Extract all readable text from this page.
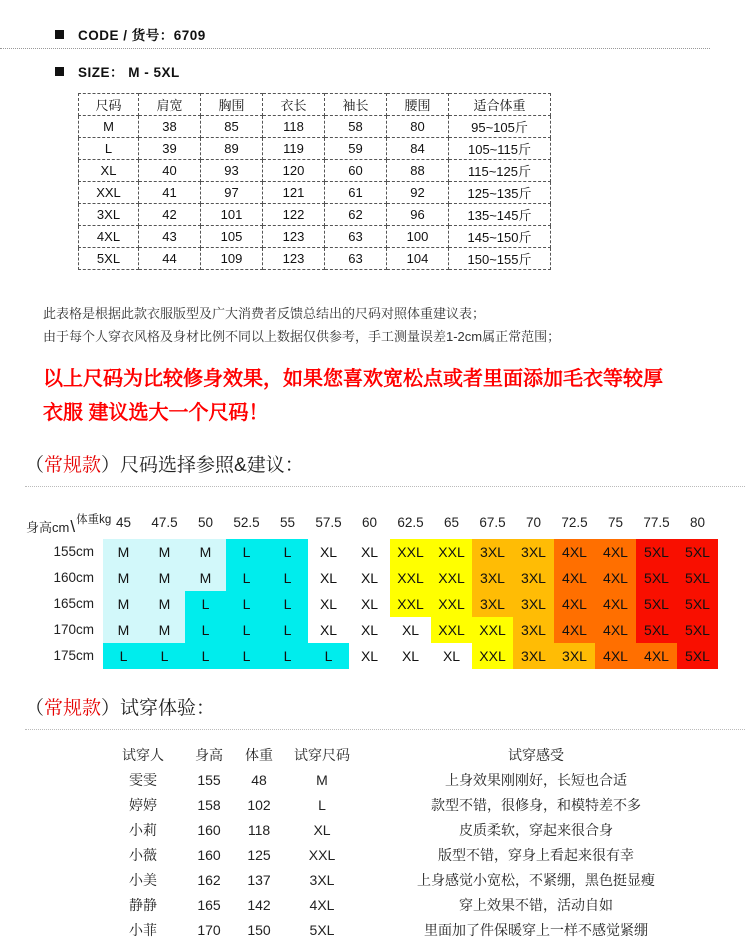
CODE / 货号：6709
SIZE： M - 5XL
尺码	肩宽	胸围	衣长	袖长	腰围	适合体重
M	38	85	118	58	80	95~105斤
L	39	89	119	59	84	105~115斤
XL	40	93	120	60	88	115~125斤
XXL	41	97	121	61	92	125~135斤
3XL	42	101	122	62	96	135~145斤
4XL	43	105	123	63	100	145~150斤
5XL	44	109	123	63	104	150~155斤

此表格是根据此款衣服版型及广大消费者反馈总结出的尺码对照体重建议表；

由于每个人穿衣风格及身材比例不同以上数据仅供参考，手工测量误差1-2cm属正常范围；

以上尺码为比较修身效果，如果您喜欢宽松点或者里面添加毛衣等较厚

衣服 建议选大一个尺码！

（常规款）尺码选择参照&建议：
身高cm\体重kg 45	47.5	50	52.5	55	57.5	60	62.5	65	67.5	70	72.5	75	77.5	80
155cm	M	M	M	L	L	XL	XL	XXL	XXL	3XL	3XL	4XL	4XL	5XL	5XL
160cm	M	M	M	L	L	XL	XL	XXL	XXL	3XL	3XL	4XL	4XL	5XL	5XL
165cm	M	M	L	L	L	XL	XL	XXL	XXL	3XL	3XL	4XL	4XL	5XL	5XL
170cm	M	M	L	L	L	XL	XL	XL	XXL	XXL	3XL	4XL	4XL	5XL	5XL
175cm	L	L	L	L	L	L	XL	XL	XL	XXL	3XL	3XL	4XL	4XL	5XL
（常规款）试穿体验：
试穿人	身高	体重	试穿尺码	试穿感受
雯雯	155	48	M	上身效果刚刚好，长短也合适
婷婷	158	102	L	款型不错，很修身，和模特差不多
小莉	160	118	XL	皮质柔软，穿起来很合身
小薇	160	125	XXL	版型不错，穿身上看起来很有幸
小美	162	137	3XL	上身感觉小宽松，不紧绷，黑色挺显瘦
静静	165	142	4XL	穿上效果不错，活动自如
小菲	170	150	5XL	里面加了件保暖穿上一样不感觉紧绷
